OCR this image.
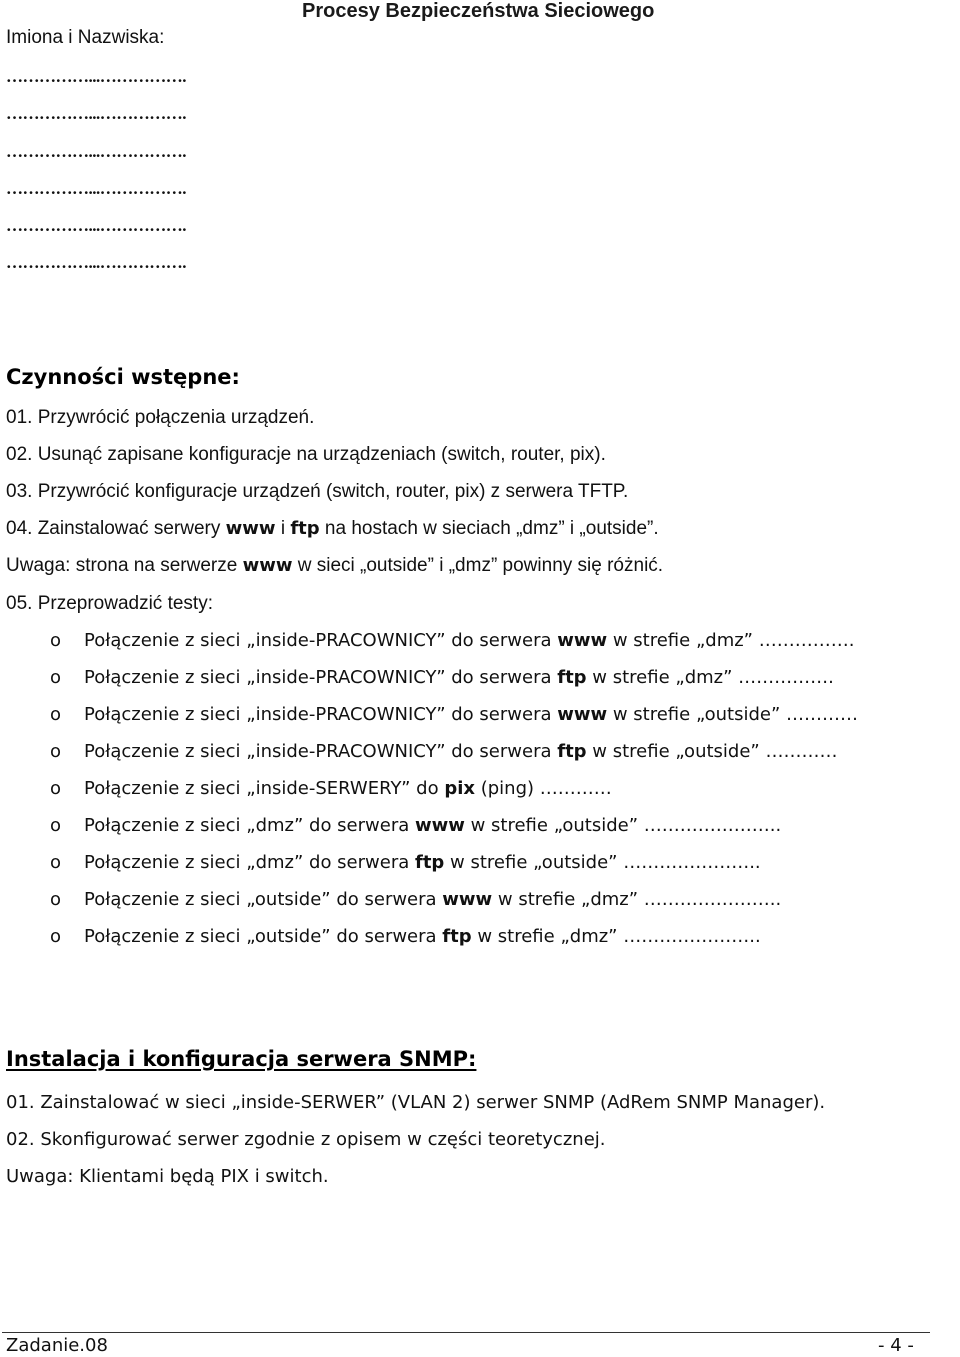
Procesy Bezpieczeństwa Sieciowego
Imiona i Nazwiska:
……………...…………….
……………...…………….
……………...…………….
……………...…………….
……………...…………….
……………...…………….
Czynności wstępne:
01. Przywrócić połączenia urządzeń.
02. Usunąć zapisane konfiguracje na urządzeniach (switch, router, pix).
03. Przywrócić konfiguracje urządzeń (switch, router, pix) z serwera TFTP.
04. Zainstalować serwery www i ftp na hostach w sieciach „dmz” i „outside”.
Uwaga: strona na serwerze www w sieci „outside” i „dmz” powinny się różnić.
05. Przeprowadzić testy:
o Połączenie z sieci „inside-PRACOWNICY” do serwera www w strefie „dmz” …………….
o Połączenie z sieci „inside-PRACOWNICY” do serwera ftp w strefie „dmz” …………….
o Połączenie z sieci „inside-PRACOWNICY” do serwera www w strefie „outside” …………
o Połączenie z sieci „inside-PRACOWNICY” do serwera ftp w strefie „outside” …………
o Połączenie z sieci „inside-SERWERY” do pix (ping) …………
o Połączenie z sieci „dmz” do serwera www w strefie „outside” …………………..
o Połączenie z sieci „dmz” do serwera ftp w strefie „outside” …………………..
o Połączenie z sieci „outside” do serwera www w strefie „dmz” …………………..
o Połączenie z sieci „outside” do serwera ftp w strefie „dmz” …………………..
Instalacja i konfiguracja serwera SNMP:
01. Zainstalować w sieci „inside-SERWER” (VLAN 2) serwer SNMP (AdRem SNMP Manager).
02. Skonfigurować serwer zgodnie z opisem w części teoretycznej.
Uwaga: Klientami będą PIX i switch.
Zadanie.08	- 4 -
